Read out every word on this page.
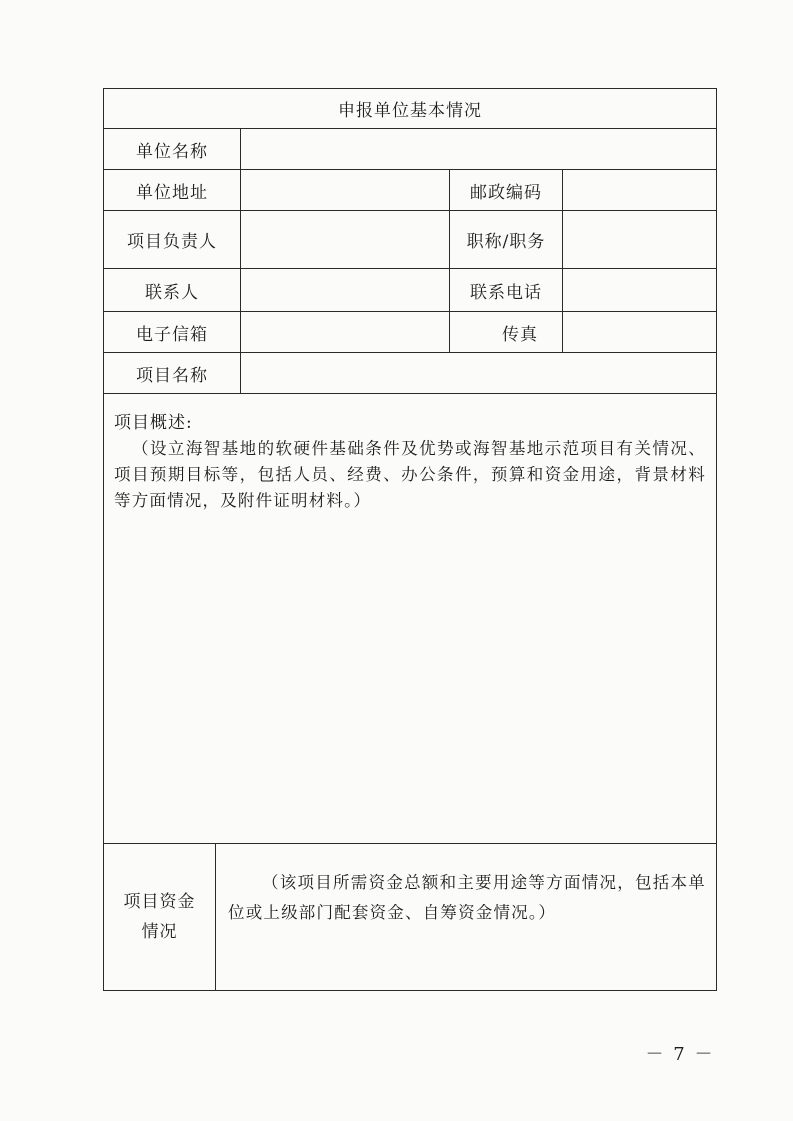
申报单位基本情况				
单位名称				
单位地址			邮政编码	
项目负责人			职称/职务	
联系人			联系电话	
电子信箱			传真	
项目名称				

项目概述:
（设立海智基地的软硬件基础条件及优势或海智基地示范项目有关情况、项目预期目标等，包括人员、经费、办公条件，预算和资金用途，背景材料等方面情况，及附件证明材料。）				

项目资金
情况	（该项目所需资金总额和主要用途等方面情况，包括本单位或上级部门配套资金、自筹资金情况。）			
－ 7 －
